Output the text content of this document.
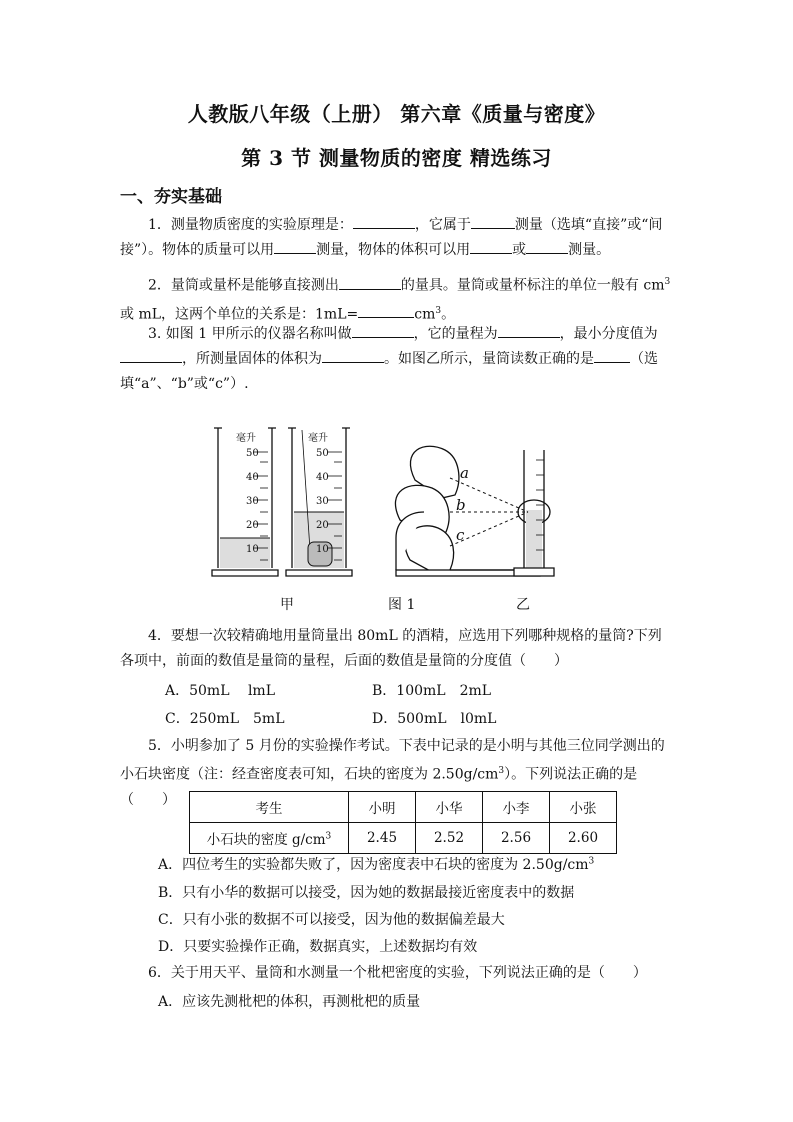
人教版八年级（上册） 第六章《质量与密度》
第 3 节 测量物质的密度 精选练习
一、夯实基础
1．测量物质密度的实验原理是：	，它属于	测量（选填“直接”或“间接”）。物体的质量可以用	测量，物体的体积可以用	或	测量。
2．量筒或量杯是能够直接测出	的量具。量筒或量杯标注的单位一般有 $cm^3$或 mL，这两个单位的关系是：1mL=	$cm^3$。
3. 如图 1 甲所示的仪器名称叫做	，它的量程为	，最小分度值为，所测量固体的体积为	。如图乙所示，量筒读数正确的是	（选填“a”、“b”或“c”）.
毫升
50
40
30
20
10
毫升
50
40
30
20
10
a
b
c
甲	图 1	乙
4．要想一次较精确地用量筒量出 80mL 的酒精，应选用下列哪种规格的量筒?下列各项中，前面的数值是量筒的量程，后面的数值是量筒的分度值（　　）
A．50mL　 lmL	B．100mL　2mL
C．250mL　5mL	D．500mL　l0mL
5．小明参加了 5 月份的实验操作考试。下表中记录的是小明与其他三位同学测出的小石块密度（注：经查密度表可知，石块的密度为 $2.50g/cm^3$）。下列说法正确的是（　　）
考生	小明	小华	小李	小张
小石块的密度 $g/cm^3$	2.45	2.52	2.56	2.60
A．四位考生的实验都失败了，因为密度表中石块的密度为 $2.50g/cm^3$
B．只有小华的数据可以接受，因为她的数据最接近密度表中的数据
C．只有小张的数据不可以接受，因为他的数据偏差最大
D．只要实验操作正确，数据真实，上述数据均有效
6．关于用天平、量筒和水测量一个枇杷密度的实验，下列说法正确的是（　　）
A．应该先测枇杷的体积，再测枇杷的质量
